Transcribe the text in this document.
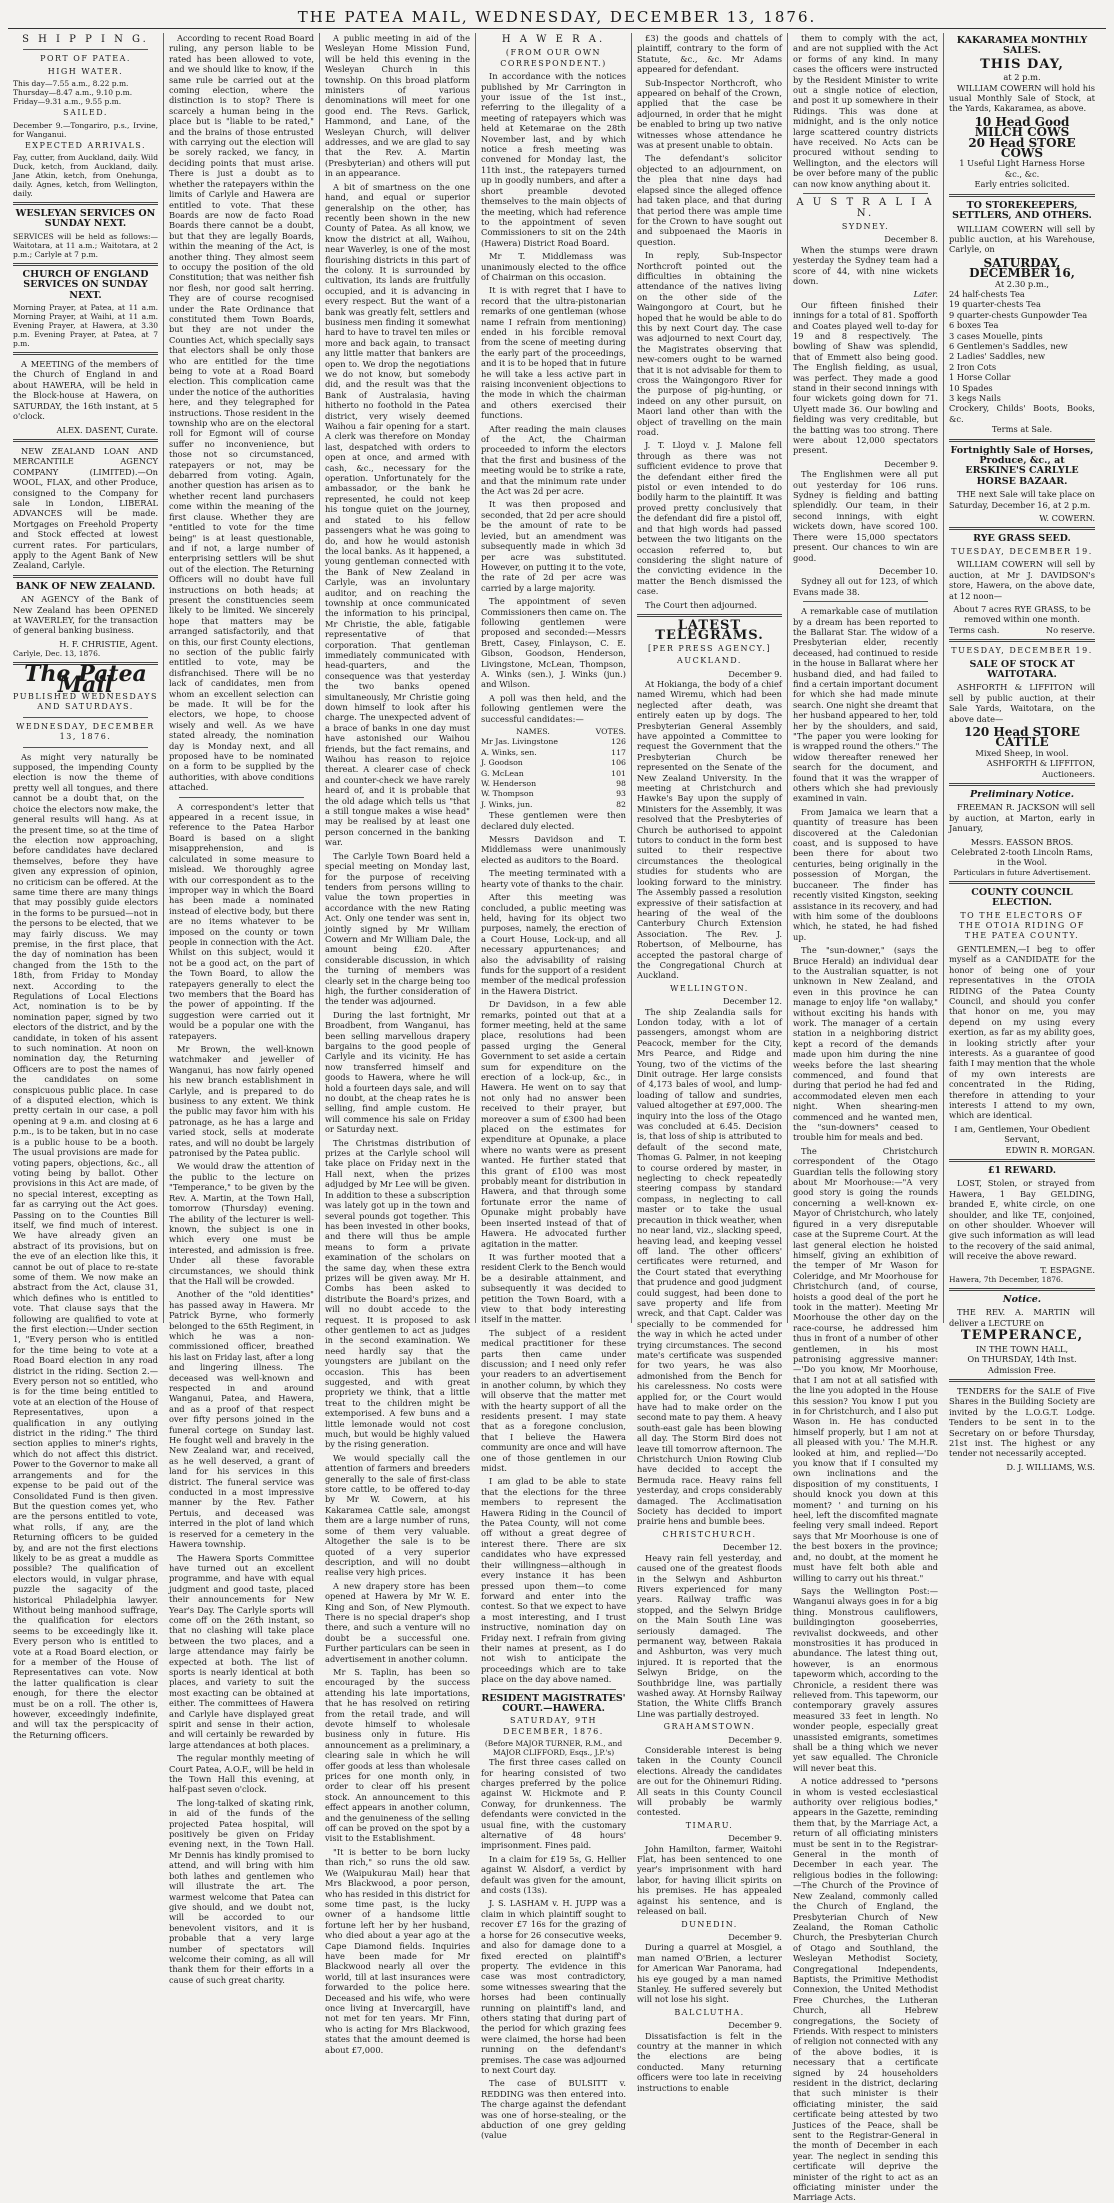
THE PATEA MAIL, WEDNESDAY, DECEMBER 13, 1876.
S H I P P I N G.
PORT OF PATEA.
HIGH WATER.
This day—7.55 a.m., 8.22 p.m.
Thursday—8.47 a.m., 9.10 p.m.
Friday—9.31 a.m., 9.55 p.m.
SAILED.
December 9.—Tongariro, p.s., Irvine, for Wanganui.
EXPECTED ARRIVALS.
Fay, cutter, from Auckland, daily. Wild Duck, ketch, from Auckland, daily. Jane Atkin, ketch, from Onehunga, daily. Agnes, ketch, from Wellington, daily.
WESLEYAN SERVICES ON SUNDAY NEXT.
SERVICES will be held as follows:— Waitotara, at 11 a.m.; Waitotara, at 2 p.m.; Carlyle at 7 p.m.
CHURCH OF ENGLAND SERVICES ON SUNDAY NEXT.
Morning Prayer, at Patea, at 11 a.m. Morning Prayer, at Waihi, at 11 a.m. Evening Prayer, at Hawera, at 3.30 p.m. Evening Prayer, at Patea, at 7 p.m.

A MEETING of the members of the Church of England in and about HAWERA, will be held in the Block-house at Hawera, on SATURDAY, the 16th instant, at 5 o'clock.

ALEX. DASENT, Curate.

NEW ZEALAND LOAN AND MERCANTILE AGENCY COMPANY (LIMITED).—On WOOL, FLAX, and other Produce, consigned to the Company for sale in London, LIBERAL ADVANCES will be made. Mortgages on Freehold Property and Stock effected at lowest current rates. For particulars, apply to the Agent Bank of New Zealand, Carlyle.

BANK OF NEW ZEALAND.

AN AGENCY of the Bank of New Zealand has been OPENED at WAVERLEY, for the transaction of general banking business.

H. F. CHRISTIE, Agent.
Carlyle, Dec. 13, 1876.
The Patea Mail
PUBLISHED WEDNESDAYS AND SATURDAYS.
WEDNESDAY, DECEMBER 13, 1876.

As might very naturally be supposed, the impending County election is now the theme of pretty well all tongues, and there cannot be a doubt that, on the choice the electors now make, the general results will hang. As at the present time, so at the time of the election now approaching, before candidates have declared themselves, before they have given any expression of opinion, no criticism can be offered. At the same time there are many things that may possibly guide electors in the forms to be pursued—not in the persons to be elected, that we may fairly discuss. We may premise, in the first place, that the day of nomination has been changed from the 15th to the 18th, from Friday to Monday next. According to the Regulations of Local Elections Act, nomination is to be by nomination paper, signed by two electors of the district, and by the candidate, in token of his assent to such nomination. At noon on nomination day, the Returning Officers are to post the names of the candidates on some conspicuous public place. In case of a disputed election, which is pretty certain in our case, a poll opening at 9 a.m. and closing at 6 p.m., is to be taken, but in no case is a public house to be a booth. The usual provisions are made for voting papers, objections, &c., all voting being by ballot. Other provisions in this Act are made, of no special interest, excepting as far as carrying out the Act goes. Passing on to the Counties Bill itself, we find much of interest. We have already given an abstract of its provisions, but on the eve of an election like this, it cannot be out of place to re-state some of them. We now make an abstract from the Act, clause 31, which defines who is entitled to vote. That clause says that the following are qualified to vote at the first election:—Under section 1, "Every person who is entitled for the time being to vote at a Road Board election in any road district in the riding. Section 2.—Every person not so entitled, who is for the time being entitled to vote at an election of the House of Representatives, upon a qualification in any outlying district in the riding." The third section applies to miner's rights, which do not affect this district. Power to the Governor to make all arrangements and for the expense to be paid out of the Consolidated Fund is then given. But the question comes yet, who are the persons entitled to vote, what rolls, if any, are the Returning officers to be guided by, and are not the first elections likely to be as great a muddle as possible? The qualification of electors would, in vulgar phrase, puzzle the sagacity of the historical Philadelphia lawyer. Without being manhood suffrage, the qualification for electors seems to be exceedingly like it. Every person who is entitled to vote at a Road Board election, or for a member of the House of Representatives can vote. Now the latter qualification is clear enough, for there the elector must be on a roll. The other is, however, exceedingly indefinite, and will tax the perspicacity of the Returning officers.

According to recent Road Board ruling, any person liable to be rated has been allowed to vote, and we should like to know, if the same rule be carried out at the coming election, where the distinction is to stop? There is scarcely a human being in the place but is "liable to be rated," and the brains of those entrusted with carrying out the election will be sorely racked, we fancy, in deciding points that must arise. There is just a doubt as to whether the ratepayers within the limits of Carlyle and Hawera are entitled to vote. That these Boards are now de facto Road Boards there cannot be a doubt, but that they are legally Boards, within the meaning of the Act, is another thing. They almost seem to occupy the position of the old Constitution; that was neither fish nor flesh, nor good salt herring. They are of course recognised under the Rate Ordinance that constituted them Town Boards, but they are not under the Counties Act, which specially says that electors shall be only those who are entitled for the time being to vote at a Road Board election. This complication came under the notice of the authorities here, and they telegraphed for instructions. Those resident in the township who are on the electoral roll for Egmont will of course suffer no inconvenience, but those not so circumstanced, ratepayers or not, may be debarred from voting. Again, another question has arisen as to whether recent land purchasers come within the meaning of the first clause. Whether they are "entitled to vote for the time being" is at least questionable, and if not, a large number of enterprising settlers will be shut out of the election. The Returning Officers will no doubt have full instructions on both heads; at present the constituencies seem likely to be limited. We sincerely hope that matters may be arranged satisfactorily, and that on this, our first County elections, no section of the public fairly entitled to vote, may be disfranchised. There will be no lack of candidates, men from whom an excellent selection can be made. It will be for the electors, we hope, to choose wisely and well. As we have stated already, the nomination day is Monday next, and all proposed have to be nominated on a form to be supplied by the authorities, with above conditions attached.

A correspondent's letter that appeared in a recent issue, in reference to the Patea Harbor Board is based on a slight misapprehension, and is calculated in some measure to mislead. We thoroughly agree with our correspondent as to the improper way in which the Board has been made a nominated instead of elective body, but there are no items whatever to be imposed on the county or town people in connection with the Act. Whilst on this subject, would it not be a good act, on the part of the Town Board, to allow the ratepayers generally to elect the two members that the Board has the power of appointing. If the suggestion were carried out it would be a popular one with the ratepayers.

Mr Brown, the well-known watchmaker and jeweller of Wanganui, has now fairly opened his new branch establishment in Carlyle, and is prepared to do business to any extent. We think the public may favor him with his patronage, as he has a large and varied stock, sells at moderate rates, and will no doubt be largely patronised by the Patea public.

We would draw the attention of the public to the lecture on "Temperance," to be given by the Rev. A. Martin, at the Town Hall, tomorrow (Thursday) evening. The ability of the lecturer is well-known, the subject is one in which every one must be interested, and admission is free. Under all these favorable circumstances, we should think that the Hall will be crowded.

Another of the "old identities" has passed away in Hawera. Mr Patrick Byrne, who formerly belonged to the 65th Regiment, in which he was a non-commissioned officer, breathed his last on Friday last, after a long and lingering illness. The deceased was well-known and respected in and around Wanganui, Patea, and Hawera, and as a proof of that respect over fifty persons joined in the funeral cortege on Sunday last. He fought well and bravely in the New Zealand war, and received, as he well deserved, a grant of land for his services in this district. The funeral service was conducted in a most impressive manner by the Rev. Father Pertuis, and deceased was interred in the plot of land which is reserved for a cemetery in the Hawera township.

The Hawera Sports Committee have turned out an excellent programme, and have with equal judgment and good taste, placed their announcements for New Year's Day. The Carlyle sports will come off on the 26th instant, so that no clashing will take place between the two places, and a large attendance may fairly be expected at both. The list of sports is nearly identical at both places, and variety to suit the most exacting can be obtained at either. The committees of Hawera and Carlyle have displayed great spirit and sense in their action, and will certainly be rewarded by large attendances at both places.

The regular monthly meeting of Court Patea, A.O.F., will be held in the Town Hall this evening, at half-past seven o'clock.

The long-talked of skating rink, in aid of the funds of the projected Patea hospital, will positively be given on Friday evening next, in the Town Hall. Mr Dennis has kindly promised to attend, and will bring with him both lathes and gentlemen who will illustrate the art. The warmest welcome that Patea can give should, and we doubt not, will be accorded to our benevolent visitors, and it is probable that a very large number of spectators will welcome their coming, as all will thank them for their efforts in a cause of such great charity.

A public meeting in aid of the Wesleyan Home Mission Fund, will be held this evening in the Wesleyan Church in this township. On this broad platform ministers of various denominations will meet for one good end. The Revs. Garlick, Hammond, and Lane, of the Wesleyan Church, will deliver addresses, and we are glad to say that the Rev. A. Martin (Presbyterian) and others will put in an appearance.

A bit of smartness on the one hand, and equal or superior generalship on the other, has recently been shown in the new County of Patea. As all know, we know the district at all, Waihou, near Waverley, is one of the most flourishing districts in this part of the colony. It is surrounded by cultivation, its lands are fruitfully occupied, and it is advancing in every respect. But the want of a bank was greatly felt, settlers and business men finding it somewhat hard to have to travel ten miles or more and back again, to transact any little matter that bankers are open to. We drop the negotiations we do not know, but somebody did, and the result was that the Bank of Australasia, having hitherto no foothold in the Patea district, very wisely deemed Waihou a fair opening for a start. A clerk was therefore on Monday last, despatched with orders to open at once, and armed with cash, &c., necessary for the operation. Unfortunately for the ambassador, or the bank he represented, he could not keep his tongue quiet on the journey, and stated to his fellow passengers what he was going to do, and how he would astonish the local banks. As it happened, a young gentleman connected with the Bank of New Zealand in Carlyle, was an involuntary auditor, and on reaching the township at once communicated the information to his principal, Mr Christie, the able, fatigable representative of that corporation. That gentleman immediately communicated with head-quarters, and the consequence was that yesterday the two banks opened simultaneously, Mr Christie going down himself to look after his charge. The unexpected advent of a brace of banks in one day must have astonished our Waihou friends, but the fact remains, and Waihou has reason to rejoice thereat. A clearer case of check and counter-check we have rarely heard of, and it is probable that the old adage which tells us "that a still tongue makes a wise head" may be realised by at least one person concerned in the banking war.

The Carlyle Town Board held a special meeting on Monday last, for the purpose of receiving tenders from persons willing to value the town properties in accordance with the new Rating Act. Only one tender was sent in, jointly signed by Mr William Cowern and Mr William Dale, the amount being £20. After considerable discussion, in which the turning of members was clearly set in the charge being too high, the further consideration of the tender was adjourned.

During the last fortnight, Mr Broadbent, from Wanganui, has been selling marvellous drapery bargains to the good people of Carlyle and its vicinity. He has now transferred himself and goods to Hawera, where he will hold a fourteen days sale, and will no doubt, at the cheap rates he is selling, find ample custom. He will commence his sale on Friday or Saturday next.

The Christmas distribution of prizes at the Carlyle school will take place on Friday next in the Hall next, when the prizes adjudged by Mr Lee will be given. In addition to these a subscription was lately got up in the town and several pounds got together. This has been invested in other books, and there will thus be ample means to form a private examination of the scholars on the same day, when these extra prizes will be given away. Mr H. Combs has been asked to distribute the Board's prizes, and will no doubt accede to the request. It is proposed to ask other gentlemen to act as judges in the second examination. We need hardly say that the youngsters are jubilant on the occasion. This has been suggested, and with great propriety we think, that a little treat to the children might be extemporised. A few buns and a little lemonade would not cost much, but would be highly valued by the rising generation.

We would specially call the attention of farmers and breeders generally to the sale of first-class store cattle, to be offered to-day by Mr W. Cowern, at his Kakaramea Cattle sale, amongst them are a large number of runs, some of them very valuable. Altogether the sale is to be quoted of a very superior description, and will no doubt realise very high prices.

A new drapery store has been opened at Hawera by Mr W. E. King and Son, of New Plymouth. There is no special draper's shop there, and such a venture will no doubt be a successful one. Further particulars can be seen in advertisement in another column.

Mr S. Taplin, has been so encouraged by the success attending his late importations, that he has resolved on retiring from the retail trade, and will devote himself to wholesale business only in future. His announcement as a preliminary, a clearing sale in which he will offer goods at less than wholesale prices for one month only, in order to clear off his present stock. An announcement to this effect appears in another column, and the genuineness of the selling off can be proved on the spot by a visit to the Establishment.

"It is better to be born lucky than rich," so runs the old saw. We (Waipukurau Mail) hear that Mrs Blackwood, a poor person, who has resided in this district for some time past, is the lucky owner of a handsome little fortune left her by her husband, who died about a year ago at the Cape Diamond fields. Inquiries have been made for Mr Blackwood nearly all over the world, till at last insurances were forwarded to the police here. Deceased and his wife, who were once living at Invercargill, have not met for ten years. Mr Finn, who is acting for Mrs Blackwood, states that the amount deemed is about £7,000.

H A W E R A.
(FROM OUR OWN CORRESPONDENT.)

In accordance with the notices published by Mr Carrington in your issue of the 1st inst., referring to the illegality of a meeting of ratepayers which was held at Ketemarae on the 28th November last, and by which notice a fresh meeting was convened for Monday last, the 11th inst., the ratepayers turned up in goodly numbers, and after a short preamble devoted themselves to the main objects of the meeting, which had reference to the appointment of seven Commissioners to sit on the 24th (Hawera) District Road Board.

Mr T. Middlemass was unanimously elected to the office of Chairman on this occasion.

It is with regret that I have to record that the ultra-pistonarian remarks of one gentleman (whose name I refrain from mentioning) ended in his forcible removal from the scene of meeting during the early part of the proceedings, and it is to be hoped that in future he will take a less active part in raising inconvenient objections to the mode in which the chairman and others exercised their functions.

After reading the main clauses of the Act, the Chairman proceeded to inform the electors that the first and business of the meeting would be to strike a rate, and that the minimum rate under the Act was 2d per acre.

It was then proposed and seconded, that 2d per acre should be the amount of rate to be levied, but an amendment was subsequently made in which 3d per acre was substituted. However, on putting it to the vote, the rate of 2d per acre was carried by a large majority.

The appointment of seven Commissioners then came on. The following gentlemen were proposed and seconded:—Messrs Brett, Casey, Finlayson, C. E. Gibson, Goodson, Henderson, Livingstone, McLean, Thompson, A. Winks (sen.), J. Winks (jun.) and Wilson.

A poll was then held, and the following gentlemen were the successful candidates:—

NAMES.	VOTES.
Mr Jas. Livingstone	126
A. Winks, sen.	117
J. Goodson	106
G. McLean	101
W. Henderson	98
W. Thompson	93
J. Winks, jun.	82

These gentlemen were then declared duly elected.

Messrs Davidson and T. Middlemass were unanimously elected as auditors to the Board.

The meeting terminated with a hearty vote of thanks to the chair.

After this meeting was concluded, a public meeting was held, having for its object two purposes, namely, the erection of a Court House, Lock-up, and all necessary appurtenances; and also the advisability of raising funds for the support of a resident member of the medical profession in the Hawera District.

Dr Davidson, in a few able remarks, pointed out that at a former meeting, held at the same place, resolutions had been passed urging the General Government to set aside a certain sum for expenditure on the erection of a lock-up, &c., in Hawera. He went on to say that not only had no answer been received to their prayer, but moreover a sum of £300 had been placed on the estimates for expenditure at Opunake, a place where no wants were as present wanted. He further stated that this grant of £100 was most probably meant for distribution in Hawera, and that through some fortunate error the name of Opunake might probably have been inserted instead of that of Hawera. He advocated further agitation in the matter.

It was further mooted that a resident Clerk to the Bench would be a desirable attainment, and subsequently it was decided to petition the Town Board, with a view to that body interesting itself in the matter.

The subject of a resident medical practitioner for these parts then came under discussion; and I need only refer your readers to an advertisement in another column, by which they will observe that the matter met with the hearty support of all the residents present. I may state that as a foregone conclusion, that I believe the Hawera community are once and will have one of those gentlemen in our midst.

I am glad to be able to state that the elections for the three members to represent the Hawera Riding in the Council of the Patea County, will not come off without a great degree of interest there. There are six candidates who have expressed their willingness—although in every instance it has been pressed upon them—to come forward and enter into the contest. So that we expect to have a most interesting, and I trust instructive, nomination day on Friday next. I refrain from giving their names at present, as I do not wish to anticipate the proceedings which are to take place on the day above named.

RESIDENT MAGISTRATES' COURT.—HAWERA.
SATURDAY, 9TH DECEMBER, 1876.
(Before MAJOR TURNER, R.M., and MAJOR CLIFFORD, Esqs., J.P.'s)

The first three cases called on for hearing consisted of two charges preferred by the police against W. Hickmote and P. Conway, for drunkenness. The defendants were convicted in the usual fine, with the customary alternative of 48 hours' imprisonment. Fines paid.

In a claim for £19 5s, G. Hellier against W. Alsdorf, a verdict by default was given for the amount, and costs (13s).

J. S. LASHAM v. H. JUPP was a claim in which plaintiff sought to recover £7 16s for the grazing of a horse for 26 consecutive weeks, and also for damage done to a fixed erected on plaintiff's property. The evidence in this case was most contradictory, some witnesses swearing that the horses had been continually running on plaintiff's land, and others stating that during part of the period for which grazing fees were claimed, the horse had been running on the defendant's premises. The case was adjourned to next Court day.

The case of BULSITT v. REDDING was then entered into. The charge against the defendant was one of horse-stealing, or the abduction of one grey gelding (value

£3) the goods and chattels of plaintiff, contrary to the form of Statute, &c., &c. Mr Adams appeared for defendant.

Sub-Inspector Northcroft, who appeared on behalf of the Crown, applied that the case be adjourned, in order that he might be enabled to bring up two native witnesses whose attendance he was at present unable to obtain.

The defendant's solicitor objected to an adjournment, on the plea that nine days had elapsed since the alleged offence had taken place, and that during that period there was ample time for the Crown to have sought out and subpoenaed the Maoris in question.

In reply, Sub-Inspector Northcroft pointed out the difficulties in obtaining the attendance of the natives living on the other side of the Waingongoro at Court, but he hoped that he would be able to do this by next Court day. The case was adjourned to next Court day, the Magistrates observing that new-comers ought to be warned that it is not advisable for them to cross the Waingongoro River for the purpose of pig-hunting, or indeed on any other pursuit, on Maori land other than with the object of travelling on the main road.

J. T. Lloyd v. J. Malone fell through as there was not sufficient evidence to prove that the defendant either fired the pistol or even intended to do bodily harm to the plaintiff. It was proved pretty conclusively that the defendant did fire a pistol off, and that high words had passed between the two litigants on the occasion referred to, but considering the slight nature of the convicting evidence in the matter the Bench dismissed the case.

The Court then adjourned.

LATEST TELEGRAMS.
[PER PRESS AGENCY.]
AUCKLAND.
December 9.

At Hokianga, the body of a chief named Wiremu, which had been neglected after death, was entirely eaten up by dogs. The Presbyterian General Assembly have appointed a Committee to request the Government that the Presbyterian Church be represented on the Senate of the New Zealand University. In the meeting at Christchurch and Hawke's Bay upon the supply of Ministers for the Assembly, it was resolved that the Presbyteries of Church be authorised to appoint tutors to conduct in the form best suited to their respective circumstances the theological studies for students who are looking forward to the ministry. The Assembly passed a resolution expressive of their satisfaction at hearing of the weal of the Canterbury Church Extension Association. The Rev. J. Robertson, of Melbourne, has accepted the pastoral charge of the Congregational Church at Auckland.

WELLINGTON.
December 12.

The ship Zealandia sails for London today, with a lot of passengers, amongst whom are Peacock, member for the City, Mrs Pearce, and Ridge and Young, two of the victims of the Dinit outrage. Her large consists of 4,173 bales of wool, and lump-loading of tallow and sundries, valued altogether at £97,000. The inquiry into the loss of the Otago was concluded at 6.45. Decision is, that loss of ship is attributed to default of the second mate, Thomas G. Palmer, in not keeping to course ordered by master, in neglecting to check repeatedly steering compass by standard compass, in neglecting to call master or to take the usual precaution in thick weather, when no near land, viz., slacking speed, heaving lead, and keeping vessel off land. The other officers' certificates were returned, and the Court stated that everything that prudence and good judgment could suggest, had been done to save property and life from wreck, and that Capt. Calder was specially to be commended for the way in which he acted under trying circumstances. The second mate's certificate was suspended for two years, he was also admonished from the Bench for his carelessness. No costs were applied for, or the Court would have had to make order on the second mate to pay them. A heavy south-east gale has been blowing all day. The Storm Bird does not leave till tomorrow afternoon. The Christchurch Union Rowing Club have decided to accept the Bermuda race. Heavy rains fell yesterday, and crops considerably damaged. The Acclimatisation Society has decided to import prairie hens and bumble bees.

CHRISTCHURCH.
December 12.

Heavy rain fell yesterday, and caused one of the greatest floods in the Selwyn and Ashburton Rivers experienced for many years. Railway traffic was stopped, and the Selwyn Bridge on the Main South Line was seriously damaged. The permanent way, between Rakaia and Ashburton, was very much injured. It is reported that the Selwyn Bridge, on the Southbridge line, was partially washed away. At Hornsby Railway Station, the White Cliffs Branch Line was partially destroyed.

GRAHAMSTOWN.
December 9.

Considerable interest is being taken in the County Council elections. Already the candidates are out for the Ohinemuri Riding. All seats in this County Council will probably be warmly contested.

TIMARU.
December 9.

John Hamilton, farmer, Waitohi Flat, has been sentenced to one year's imprisonment with hard labor, for having illicit spirits on his premises. He has appealed against his sentence, and is released on bail.

DUNEDIN.
December 9.

During a quarrel at Mosgiel, a man named O'Brien, a lecturer for American War Panorama, had his eye gouged by a man named Stanley. He suffered severely but will not lose his sight.

BALCLUTHA.
December 9.

Dissatisfaction is felt in the country at the manner in which the elections are being conducted. Many returning officers were too late in receiving instructions to enable

them to comply with the act, and are not supplied with the Act or forms of any kind. In many cases the officers were instructed by the Resident Minister to write out a single notice of election, and post it up somewhere in their Ridings. This was done at midnight, and is the only notice large scattered country districts have received. No Acts can be procured without sending to Wellington, and the electors will be over before many of the public can now know anything about it.

A U S T R A L I A N.
SYDNEY.
December 8.

When the stumps were drawn yesterday the Sydney team had a score of 44, with nine wickets down.

Later.

Our fifteen finished their innings for a total of 81. Spofforth and Coates played well to-day for 19 and 8 respectively. The bowling of Shaw was splendid, that of Emmett also being good. The English fielding, as usual, was perfect. They made a good stand in their second innings with four wickets going down for 71. Ulyett made 36. Our bowling and fielding was very creditable, but the batting was too strong. There were about 12,000 spectators present.

December 9.

The Englishmen were all put out yesterday for 106 runs. Sydney is fielding and batting splendidly. Our team, in their second innings, with eight wickets down, have scored 100. There were 15,000 spectators present. Our chances to win are good.

December 10.

Sydney all out for 123, of which Evans made 38.

A remarkable case of mutilation by a dream has been reported to the Ballarat Star. The widow of a Presbyterian elder, recently deceased, had continued to reside in the house in Ballarat where her husband died, and had failed to find a certain important document for which she had made minute search. One night she dreamt that her husband appeared to her, told her by the shoulders, and said, "The paper you were looking for is wrapped round the others." The widow thereafter renewed her search for the document, and found that it was the wrapper of others which she had previously examined in vain.

From Jamaica we learn that a quantity of treasure has been discovered at the Caledonian coast, and is supposed to have been there for about two centuries, being originally in the possession of Morgan, the buccaneer. The finder has recently visited Kingston, seeking assistance in its recovery, and had with him some of the doubloons which, he stated, he had fished up.

The "sun-downer," (says the Bruce Herald) an individual dear to the Australian squatter, is not unknown in New Zealand, and even in this province he can manage to enjoy life "on wallaby," without exciting his hands with work. The manager of a certain station in a neighboring district kept a record of the demands made upon him during the nine weeks before the last shearing commenced, and found that during that period he had fed and accommodated eleven men each night. When shearing-men commenced and he wanted men, the "sun-downers" ceased to trouble him for meals and bed.

The Christchurch correspondent of the Otago Guardian tells the following story about Mr Moorhouse:—"A very good story is going the rounds concerning a well-known ex-Mayor of Christchurch, who lately figured in a very disreputable case at the Supreme Court. At the last general election he hoisted himself, giving an exhibition of the temper of Mr Wason for Coleridge, and Mr Moorhouse for Christchurch (and, of course, hoists a good deal of the port he took in the matter). Meeting Mr Moorhouse the other day on the race-course, he addressed him thus in front of a number of other gentlemen, in his most patronising aggressive manner:—'Do you know, Mr Moorhouse, that I am not at all satisfied with the line you adopted in the House this session? You know I put you in for Christchurch, and I also put Wason in. He has conducted himself properly, but I am not at all pleased with you.' The M.H.R. looked at him, and replied—'Do you know that if I consulted my own inclinations and the disposition of my constituents, I should knock you down at this moment? ' and turning on his heel, left the discomfited magnate feeling very small indeed. Report says that Mr Moorhouse is one of the best boxers in the province; and, no doubt, at the moment he must have felt both able and willing to carry out his threat."

Says the Wellington Post:—Wanganui always goes in for a big thing. Monstrous cauliflowers, buildingington gooseberries, revivalist dockweeds, and other monstrosities it has produced in abundance. The latest thing out, however, is an enormous tapeworm which, according to the Chronicle, a resident there was relieved from. This tapeworm, our contemporary gravely assures measured 33 feet in length. No wonder people, especially great unassisted emigrants, sometimes shall be a thing which we never yet saw equalled. The Chronicle will never beat this.

A notice addressed to "persons in whom is vested ecclesiastical authority over religious bodies," appears in the Gazette, reminding them that, by the Marriage Act, a return of all officiating ministers must be sent in to the Registrar-General in the month of December in each year. The religious bodies in the following:—The Church of the Province of New Zealand, commonly called the Church of England, the Presbyterian Church of New Zealand, the Roman Catholic Church, the Presbyterian Church of Otago and Southland, the Wesleyan Methodist Society, Congregational Independents, Baptists, the Primitive Methodist Connexion, the United Methodist Free Churches, the Lutheran Church, all Hebrew congregations, the Society of Friends. With respect to ministers of religion not connected with any of the above bodies, it is necessary that a certificate signed by 24 householders resident in the district, declaring that such minister is their officiating minister, the said certificate being attested by two Justices of the Peace, shall be sent to the Registrar-General in the month of December in each year. The neglect in sending this certificate will deprive the minister of the right to act as an officiating minister under the Marriage Acts.

KAKARAMEA MONTHLY SALES.
THIS DAY,
at 2 p.m.

WILLIAM COWERN will hold his usual Monthly Sale of Stock, at the Yards, Kakaramea, as above.

10 Head Good MILCH COWS
20 Head STORE COWS
1 Useful Light Harness Horse
&c., &c.
Early entries solicited.
TO STOREKEEPERS, SETTLERS, AND OTHERS.

WILLIAM COWERN will sell by public auction, at his Warehouse, Carlyle, on

SATURDAY, DECEMBER 16,
At 2.30 p.m.,
24 half-chests Tea
19 quarter-chests Tea
9 quarter-chests Gunpowder Tea
6 boxes Tea
3 cases Mouelle, pints
6 Gentlemen's Saddles, new
2 Ladies' Saddles, new
2 Iron Cots
1 Horse Collar
10 Spades
3 kegs Nails
Crockery, Childs' Boots, Books, &c.
Terms at Sale.
Fortnightly Sale of Horses, Produce, &c., at ERSKINE'S CARLYLE HORSE BAZAAR.

THE next Sale will take place on Saturday, December 16, at 2 p.m.

W. COWERN.
RYE GRASS SEED.
TUESDAY, DECEMBER 19.

WILLIAM COWERN will sell by auction, at Mr J. DAVIDSON's store, Hawera, on the above date, at 12 noon—

About 7 acres RYE GRASS, to be removed within one month.
Terms cash.	No reserve.
TUESDAY, DECEMBER 19.
SALE OF STOCK AT WAITOTARA.

ASHFORTH & LIFFITON will sell by public auction, at their Sale Yards, Waitotara, on the above date—

120 Head STORE CATTLE
Mixed Sheep, in wool.
ASHFORTH & LIFFITON, Auctioneers.
Preliminary Notice.

FREEMAN R. JACKSON will sell by auction, at Marton, early in January,

Messrs. EASSON BROS.
Celebrated 2-tooth Lincoln Rams, in the Wool.
Particulars in future Advertisement.
COUNTY COUNCIL ELECTION.
TO THE ELECTORS OF THE OTOIA RIDING OF THE PATEA COUNTY.

GENTLEMEN,—I beg to offer myself as a CANDIDATE for the honor of being one of your representatives in the OTOIA RIDING of the Patea County Council, and should you confer that honor on me, you may depend on my using every exertion, as far as my ability goes, in looking strictly after your interests. As a guarantee of good faith I may mention that the whole of my own interests are concentrated in the Riding, therefore in attending to your interests I attend to my own, which are identical.

I am, Gentlemen, Your Obedient Servant,
EDWIN R. MORGAN.
£1 REWARD.

LOST, Stolen, or strayed from Hawera, 1 Bay GELDING, branded E, white circle, on one shoulder, and like TE, conjoined, on other shoulder. Whoever will give such information as will lead to the recovery of the said animal, will receive the above reward.

T. ESPAGNE.
Hawera, 7th December, 1876.
Notice.

THE REV. A. MARTIN will deliver a LECTURE on

TEMPERANCE,
IN THE TOWN HALL,
On THURSDAY, 14th Inst.
Admission Free.

TENDERS for the SALE of Five Shares in the Building Society are invited by the L.O.G.T. Lodge. Tenders to be sent in to the Secretary on or before Thursday, 21st inst. The highest or any tender not necessarily accepted.

D. J. WILLIAMS, W.S.
